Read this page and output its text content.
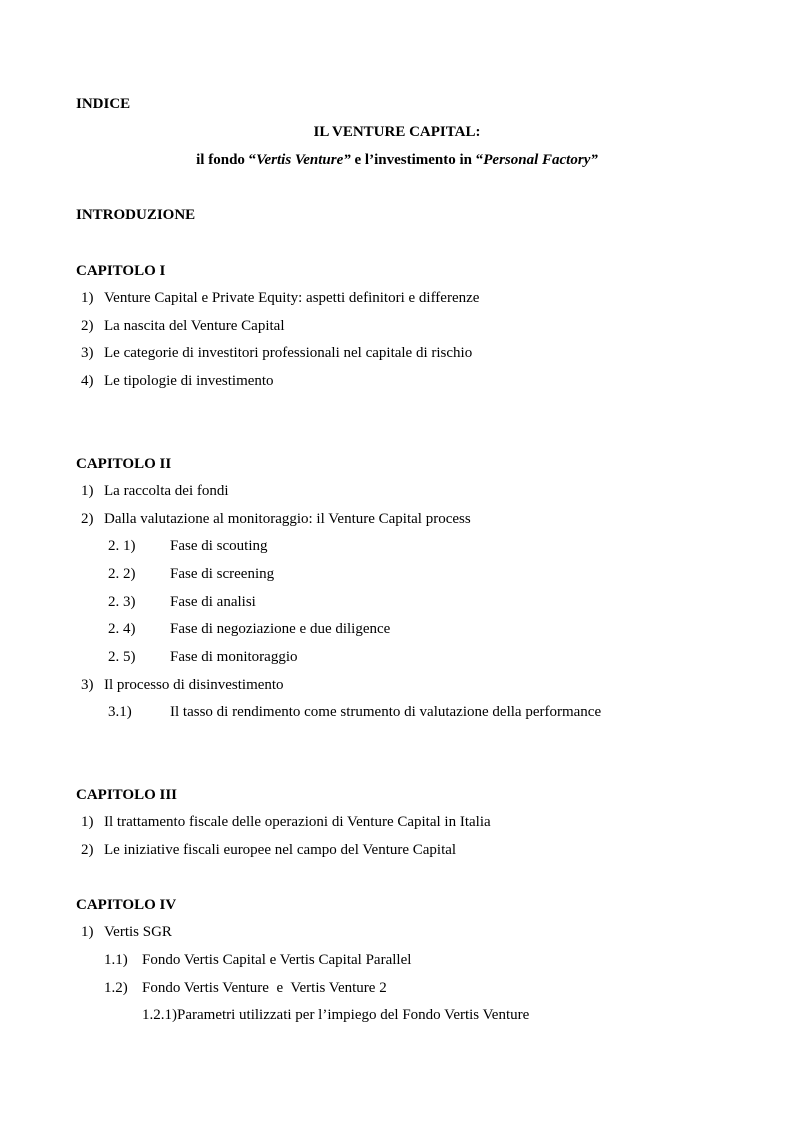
INDICE
IL VENTURE CAPITAL:
il fondo “Vertis Venture” e l’investimento in “Personal Factory”
INTRODUZIONE
CAPITOLO I
1) Venture Capital e Private Equity: aspetti definitori e differenze
2) La nascita del Venture Capital
3) Le categorie di investitori professionali nel capitale di rischio
4) Le tipologie di investimento
CAPITOLO II
1) La raccolta dei fondi
2) Dalla valutazione al monitoraggio: il Venture Capital process
2. 1) Fase di scouting
2. 2) Fase di screening
2. 3) Fase di analisi
2. 4) Fase di negoziazione e due diligence
2. 5) Fase di monitoraggio
3) Il processo di disinvestimento
3.1)	Il tasso di rendimento come strumento di valutazione della performance
CAPITOLO III
1) Il trattamento fiscale delle operazioni di Venture Capital in Italia
2) Le iniziative fiscali europee nel campo del Venture Capital
CAPITOLO IV
1) Vertis SGR
1.1) Fondo Vertis Capital e Vertis Capital Parallel
1.2) Fondo Vertis Venture  e  Vertis Venture 2
1.2.1)Parametri utilizzati per l’impiego del Fondo Vertis Venture
